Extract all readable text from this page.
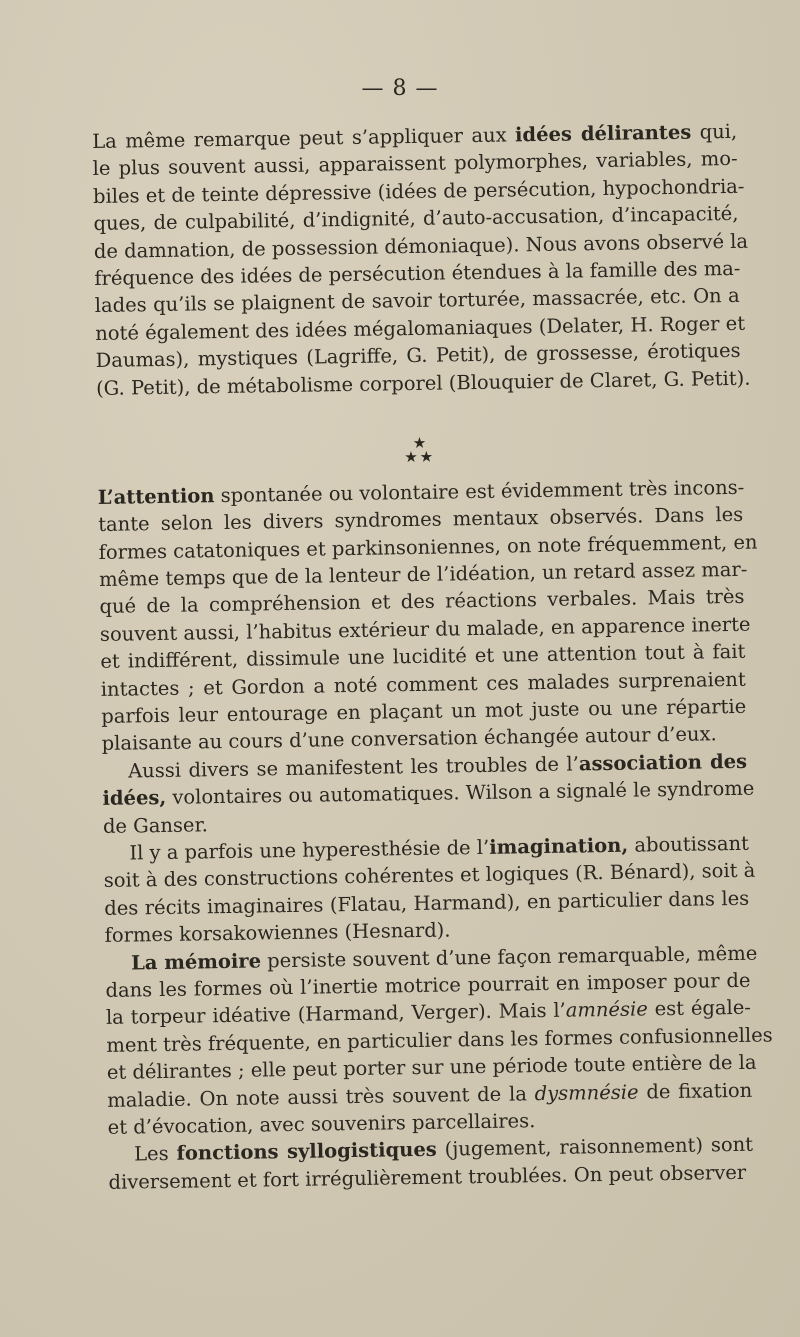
— 8 —
La même remarque peut s’appliquer aux idées délirantes qui,
le plus souvent aussi, apparaissent polymorphes, variables, mo-
biles et de teinte dépressive (idées de persécution, hypochondria-
ques, de culpabilité, d’indignité, d’auto-accusation, d’incapacité,
de damnation, de possession démoniaque). Nous avons observé la
fréquence des idées de persécution étendues à la famille des ma-
lades qu’ils se plaignent de savoir torturée, massacrée, etc. On a
noté également des idées mégalomaniaques (Delater, H. Roger et
Daumas), mystiques (Lagriffe, G. Petit), de grossesse, érotiques
(G. Petit), de métabolisme corporel (Blouquier de Claret, G. Petit).
★
★★
L’attention spontanée ou volontaire est évidemment très incons-
tante selon les divers syndromes mentaux observés. Dans les
formes catatoniques et parkinsoniennes, on note fréquemment, en
même temps que de la lenteur de l’idéation, un retard assez mar-
qué de la compréhension et des réactions verbales. Mais très
souvent aussi, l’habitus extérieur du malade, en apparence inerte
et indifférent, dissimule une lucidité et une attention tout à fait
intactes ; et Gordon a noté comment ces malades surprenaient
parfois leur entourage en plaçant un mot juste ou une répartie
plaisante au cours d’une conversation échangée autour d’eux.
Aussi divers se manifestent les troubles de l’association des
idées, volontaires ou automatiques. Wilson a signalé le syndrome
de Ganser.
Il y a parfois une hyperesthésie de l’imagination, aboutissant
soit à des constructions cohérentes et logiques (R. Bénard), soit à
des récits imaginaires (Flatau, Harmand), en particulier dans les
formes korsakowiennes (Hesnard).
La mémoire persiste souvent d’une façon remarquable, même
dans les formes où l’inertie motrice pourrait en imposer pour de
la torpeur idéative (Harmand, Verger). Mais l’amnésie est égale-
ment très fréquente, en particulier dans les formes confusionnelles
et délirantes ; elle peut porter sur une période toute entière de la
maladie. On note aussi très souvent de la dysmnésie de fixation
et d’évocation, avec souvenirs parcellaires.
Les fonctions syllogistiques (jugement, raisonnement) sont
diversement et fort irrégulièrement troublées. On peut observer
